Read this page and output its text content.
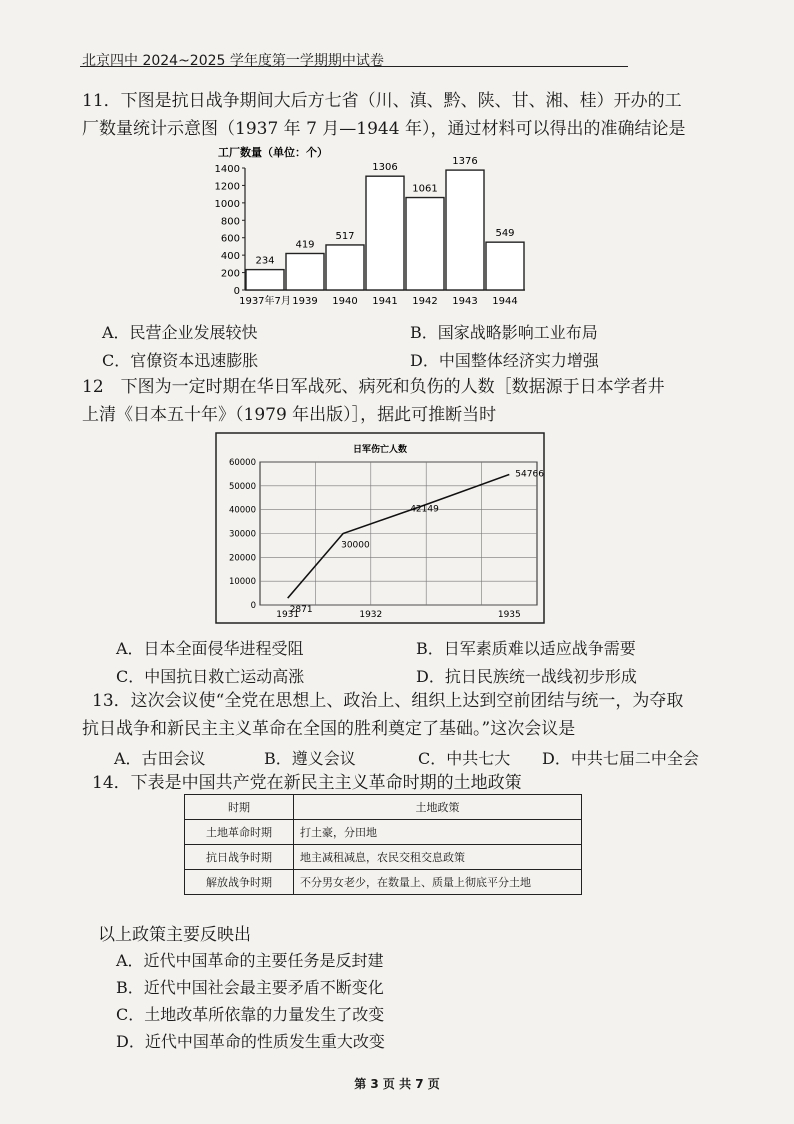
北京四中 2024~2025 学年度第一学期期中试卷
11．下图是抗日战争期间大后方七省（川、滇、黔、陕、甘、湘、桂）开办的工
厂数量统计示意图（1937 年 7 月—1944 年），通过材料可以得出的准确结论是
工厂数量（单位：个）
0
200
400
600
800
1000
1200
1400
234
419
517
1306
1061
1376
549
1937年7月 1939 1940 1941 1942 1943 1944
A．民营企业发展较快	B．国家战略影响工业布局
C．官僚资本迅速膨胀	D．中国整体经济实力增强
12　下图为一定时期在华日军战死、病死和负伤的人数［数据源于日本学者井
上清《日本五十年》（1979 年出版）］，据此可推断当时
日军伤亡人数
0
10000
20000
30000
40000
50000
60000
2871
30000
42149
54766
1931	1932	1935
A．日本全面侵华进程受阻	B．日军素质难以适应战争需要
C．中国抗日救亡运动高涨	D．抗日民族统一战线初步形成
13．这次会议使“全党在思想上、政治上、组织上达到空前团结与统一，为夺取
抗日战争和新民主主义革命在全国的胜利奠定了基础。”这次会议是
A．古田会议	B．遵义会议	C．中共七大 D．中共七届二中全会
14．下表是中国共产党在新民主主义革命时期的土地政策
时期	土地政策
土地革命时期	打土豪，分田地
抗日战争时期	地主减租减息，农民交租交息政策
解放战争时期	不分男女老少，在数量上、质量上彻底平分土地
以上政策主要反映出
A．近代中国革命的主要任务是反封建
B．近代中国社会最主要矛盾不断变化
C．土地改革所依靠的力量发生了改变
D．近代中国革命的性质发生重大改变
第 3 页 共 7 页
